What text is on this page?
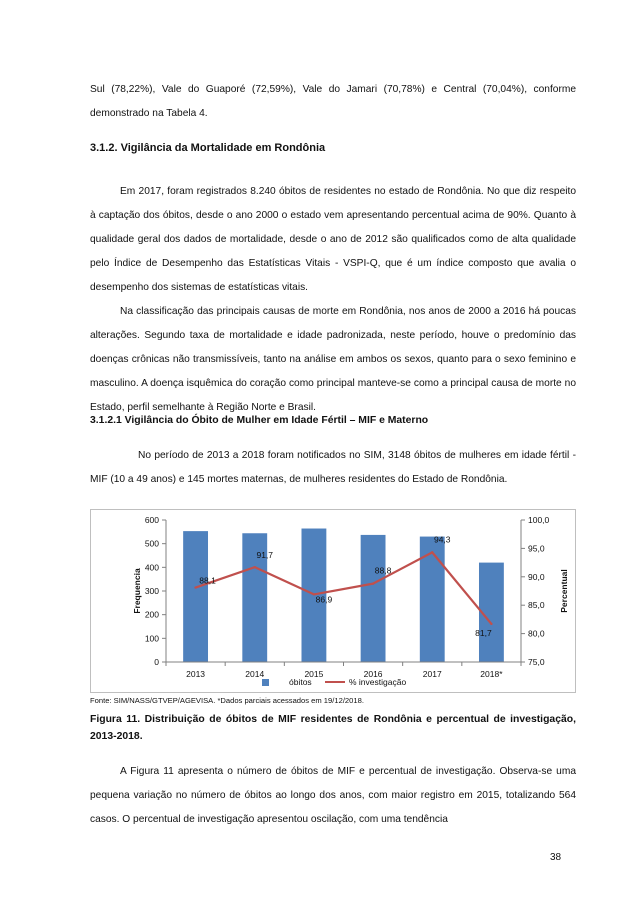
Sul (78,22%), Vale do Guaporé (72,59%), Vale do Jamari (70,78%) e Central (70,04%), conforme demonstrado na Tabela 4.

3.1.2. Vigilância da Mortalidade em Rondônia

Em 2017, foram registrados 8.240 óbitos de residentes no estado de Rondônia. No que diz respeito à captação dos óbitos, desde o ano 2000 o estado vem apresentando percentual acima de 90%. Quanto à qualidade geral dos dados de mortalidade, desde o ano de 2012 são qualificados como de alta qualidade pelo Índice de Desempenho das Estatísticas Vitais - VSPI-Q, que é um índice composto que avalia o desempenho dos sistemas de estatísticas vitais.

Na classificação das principais causas de morte em Rondônia, nos anos de 2000 a 2016 há poucas alterações. Segundo taxa de mortalidade e idade padronizada, neste período, houve o predomínio das doenças crônicas não transmissíveis, tanto na análise em ambos os sexos, quanto para o sexo feminino e masculino. A doença isquêmica do coração como principal manteve-se como a principal causa de morte no Estado, perfil semelhante à Região Norte e Brasil.

3.1.2.1 Vigilância do Óbito de Mulher em Idade Fértil – MIF e Materno

No período de 2013 a 2018 foram notificados no SIM, 3148 óbitos de mulheres em idade fértil - MIF (10 a 49 anos) e 145 mortes maternas, de mulheres residentes do Estado de Rondônia.

88,1
91,7
86,9
88,8
94,3
81,7
0
100
200
300
400
500
600
75,0
80,0
85,0
90,0
95,0
100,0
2013	2014	2015	2016	2017	2018*
Frequencia	Percentual
óbitos	% investigação

Fonte: SIM/NASS/GTVEP/AGEVISA. *Dados parciais acessados em 19/12/2018.

Figura 11. Distribuição de óbitos de MIF residentes de Rondônia e percentual de investigação, 2013-2018.

A Figura 11 apresenta o número de óbitos de MIF e percentual de investigação. Observa-se uma pequena variação no número de óbitos ao longo dos anos, com maior registro em 2015, totalizando 564 casos. O percentual de investigação apresentou oscilação, com uma tendência

38
